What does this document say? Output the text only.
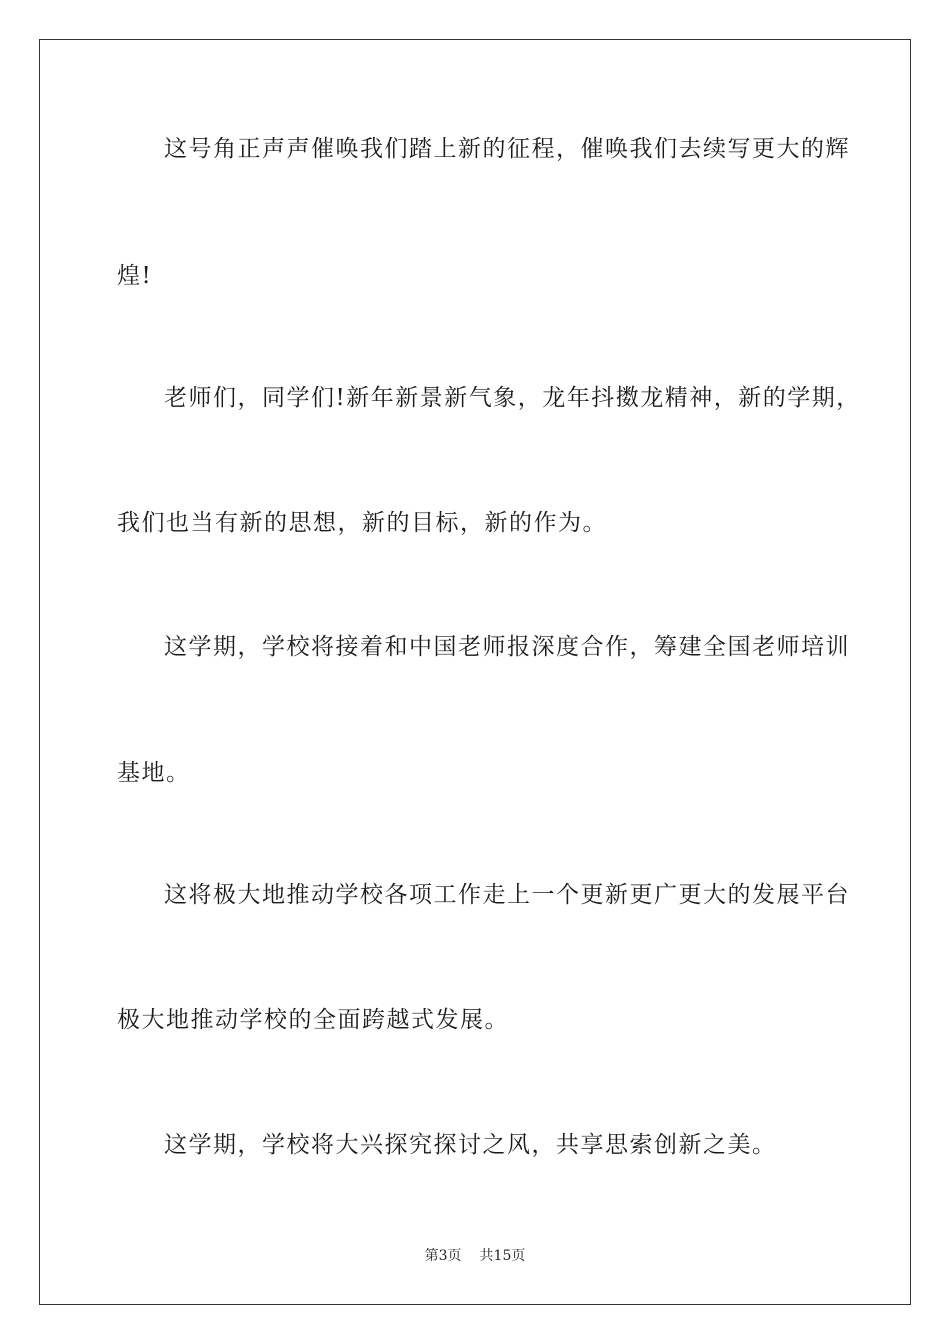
这号角正声声催唤我们踏上新的征程，催唤我们去续写更大的辉
煌!
老师们，同学们!新年新景新气象，龙年抖擞龙精神，新的学期，
我们也当有新的思想，新的目标，新的作为。
这学期，学校将接着和中国老师报深度合作，筹建全国老师培训
基地。
这将极大地推动学校各项工作走上一个更新更广更大的发展平台
极大地推动学校的全面跨越式发展。
这学期，学校将大兴探究探讨之风，共享思索创新之美。
第3页 共15页
